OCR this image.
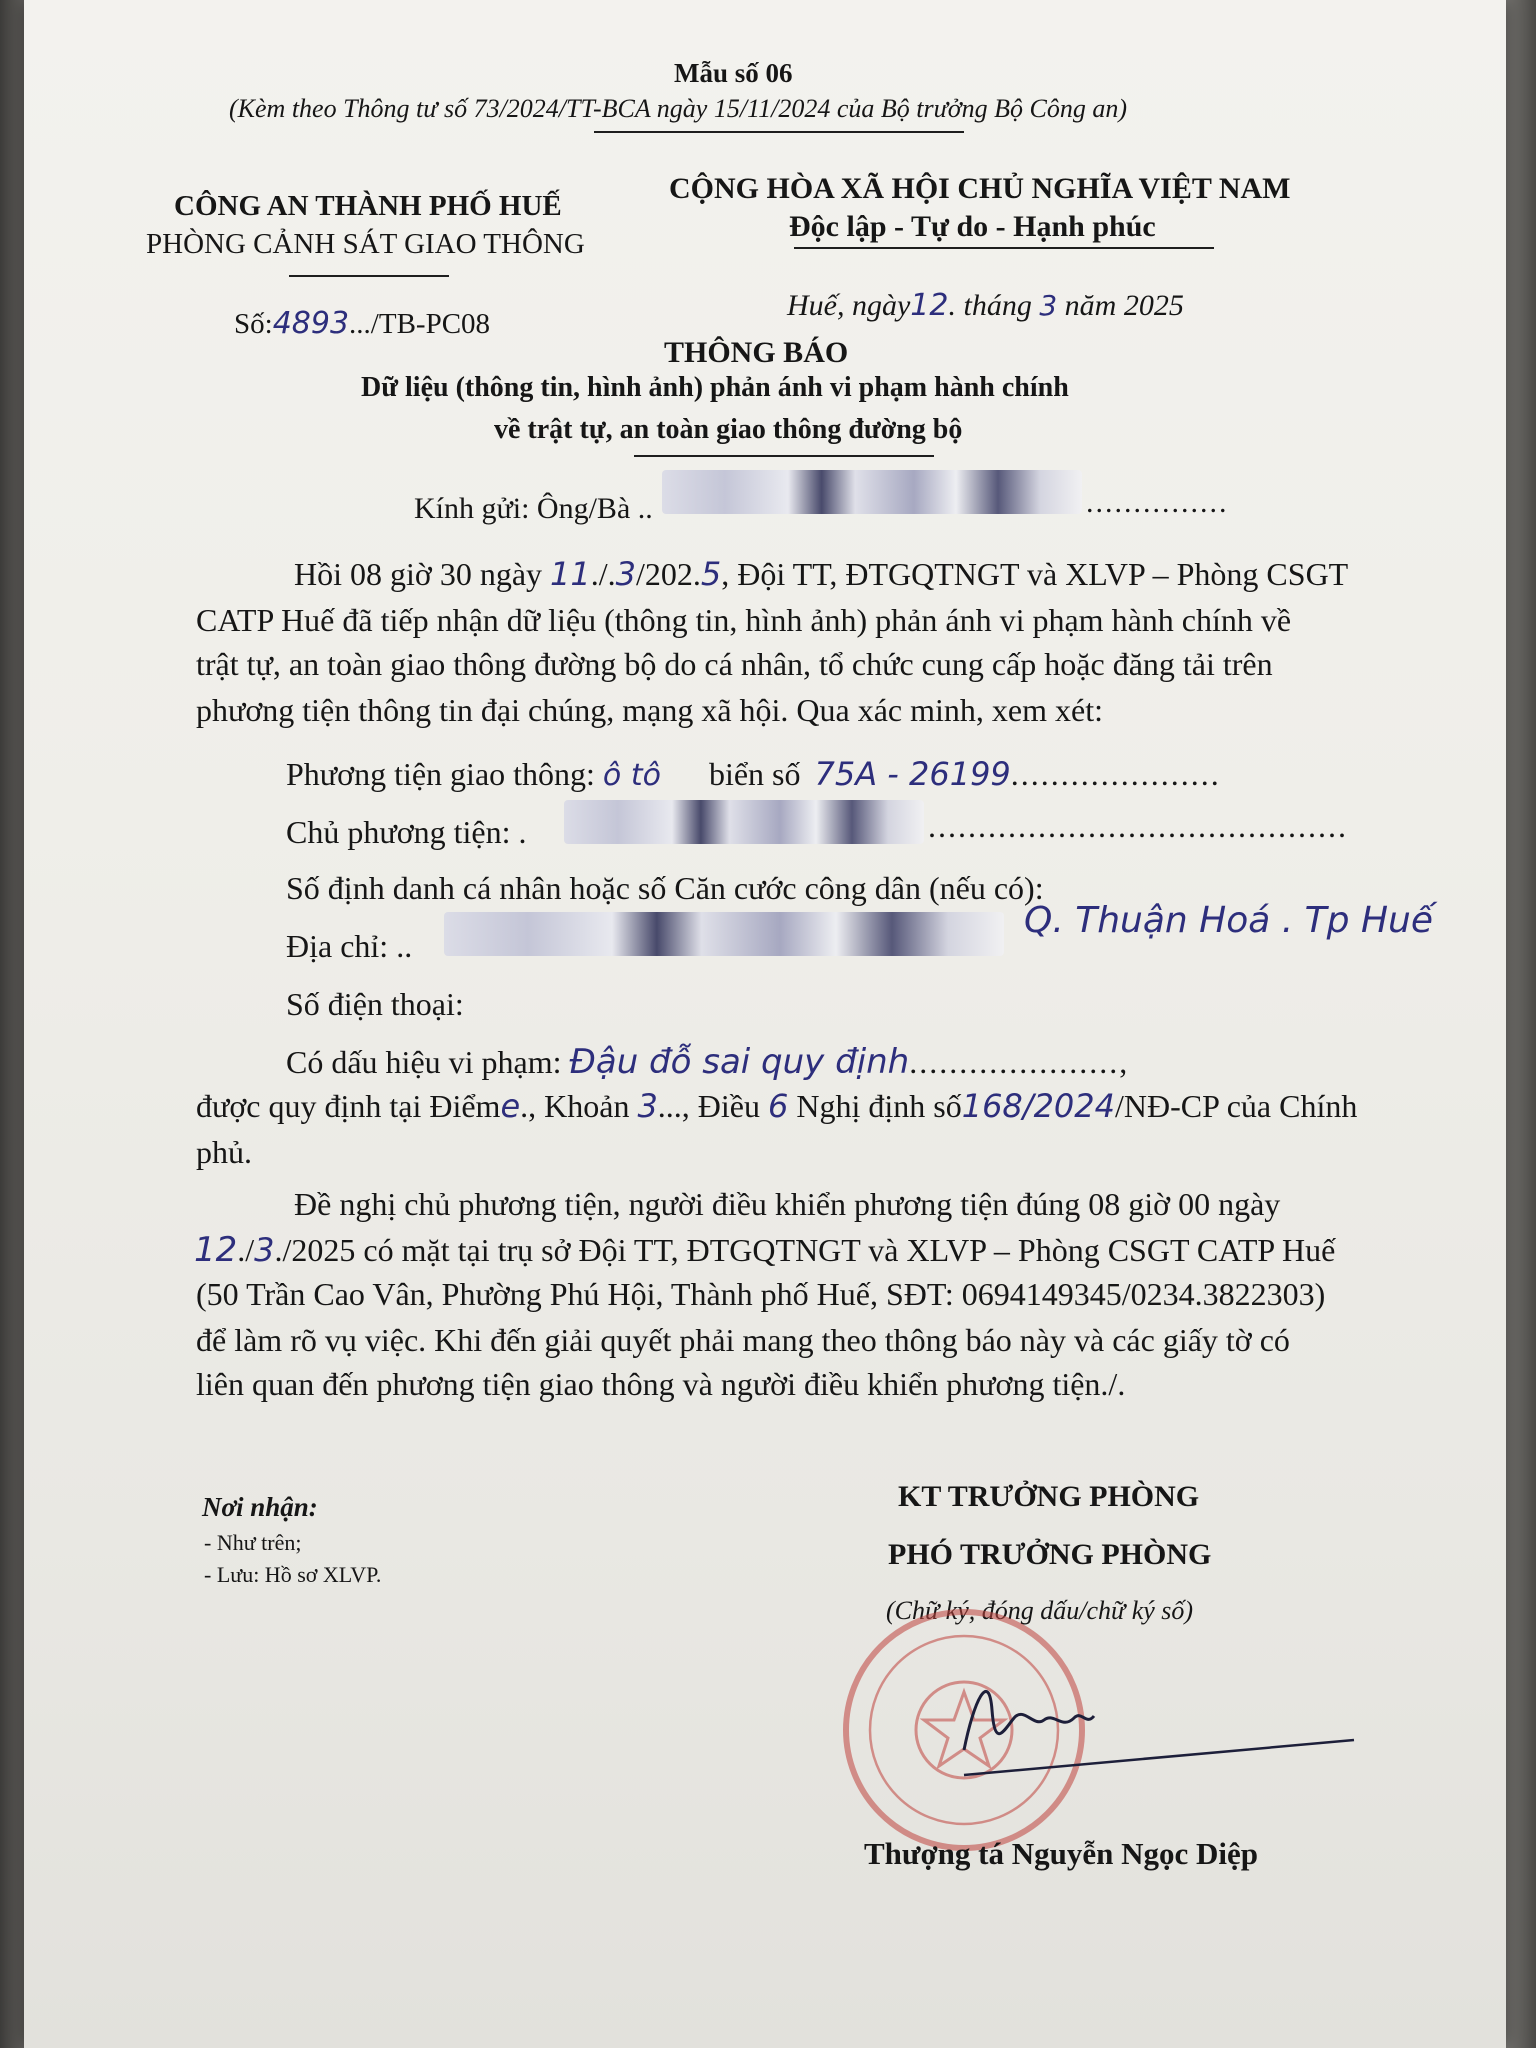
Mẫu số 06
(Kèm theo Thông tư số 73/2024/TT-BCA ngày 15/11/2024 của Bộ trưởng Bộ Công an)
CÔNG AN THÀNH PHỐ HUẾ
PHÒNG CẢNH SÁT GIAO THÔNG
CỘNG HÒA XÃ HỘI CHỦ NGHĨA VIỆT NAM
Độc lập - Tự do - Hạnh phúc
Số:4893.../TB-PC08
Huế, ngày12. tháng 3 năm 2025
THÔNG BÁO
Dữ liệu (thông tin, hình ảnh) phản ánh vi phạm hành chính
về trật tự, an toàn giao thông đường bộ
Kính gửi: Ông/Bà ..	...............
Hồi 08 giờ 30 ngày 11./.3/202.5, Đội TT, ĐTGQTNGT và XLVP – Phòng CSGT
CATP Huế đã tiếp nhận dữ liệu (thông tin, hình ảnh) phản ánh vi phạm hành chính về
trật tự, an toàn giao thông đường bộ do cá nhân, tổ chức cung cấp hoặc đăng tải trên
phương tiện thông tin đại chúng, mạng xã hội. Qua xác minh, xem xét:
Phương tiện giao thông: ô tô biển số 75A - 26199.....................
Chủ phương tiện: .	..........................................
Số định danh cá nhân hoặc số Căn cước công dân (nếu có):
Địa chỉ: ..
Q. Thuận Hoá . Tp Huế
Số điện thoại:
Có dấu hiệu vi phạm: Đậu đỗ sai quy định.....................,
được quy định tại Điểme., Khoản 3..., Điều 6 Nghị định số168/2024/NĐ-CP của Chính
phủ.
Đề nghị chủ phương tiện, người điều khiển phương tiện đúng 08 giờ 00 ngày
12./3./2025 có mặt tại trụ sở Đội TT, ĐTGQTNGT và XLVP – Phòng CSGT CATP Huế
(50 Trần Cao Vân, Phường Phú Hội, Thành phố Huế, SĐT: 0694149345/0234.3822303)
để làm rõ vụ việc. Khi đến giải quyết phải mang theo thông báo này và các giấy tờ có
liên quan đến phương tiện giao thông và người điều khiển phương tiện./.
Nơi nhận:
- Như trên;
- Lưu: Hồ sơ XLVP.
KT TRƯỞNG PHÒNG
PHÓ TRƯỞNG PHÒNG
(Chữ ký, đóng dấu/chữ ký số)
Thượng tá Nguyễn Ngọc Diệp
